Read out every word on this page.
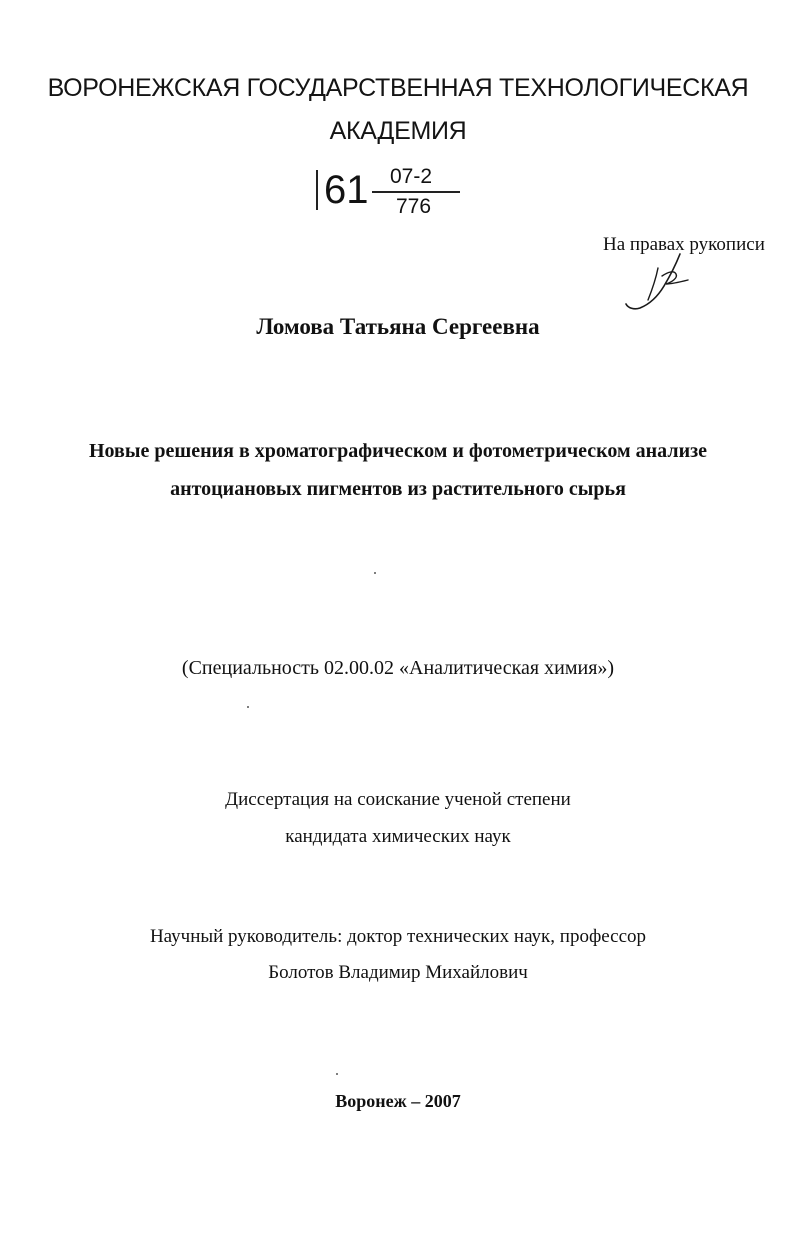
ВОРОНЕЖСКАЯ ГОСУДАРСТВЕННАЯ ТЕХНОЛОГИЧЕСКАЯ
АКАДЕМИЯ
61 07-2
776
На правах рукописи
Ломова Татьяна Сергеевна
Новые решения в хроматографическом и фотометрическом анализе
антоциановых пигментов из растительного сырья
(Специальность 02.00.02 «Аналитическая химия»)
Диссертация на соискание ученой степени
кандидата химических наук
Научный руководитель: доктор технических наук, профессор
Болотов Владимир Михайлович
Воронеж – 2007
